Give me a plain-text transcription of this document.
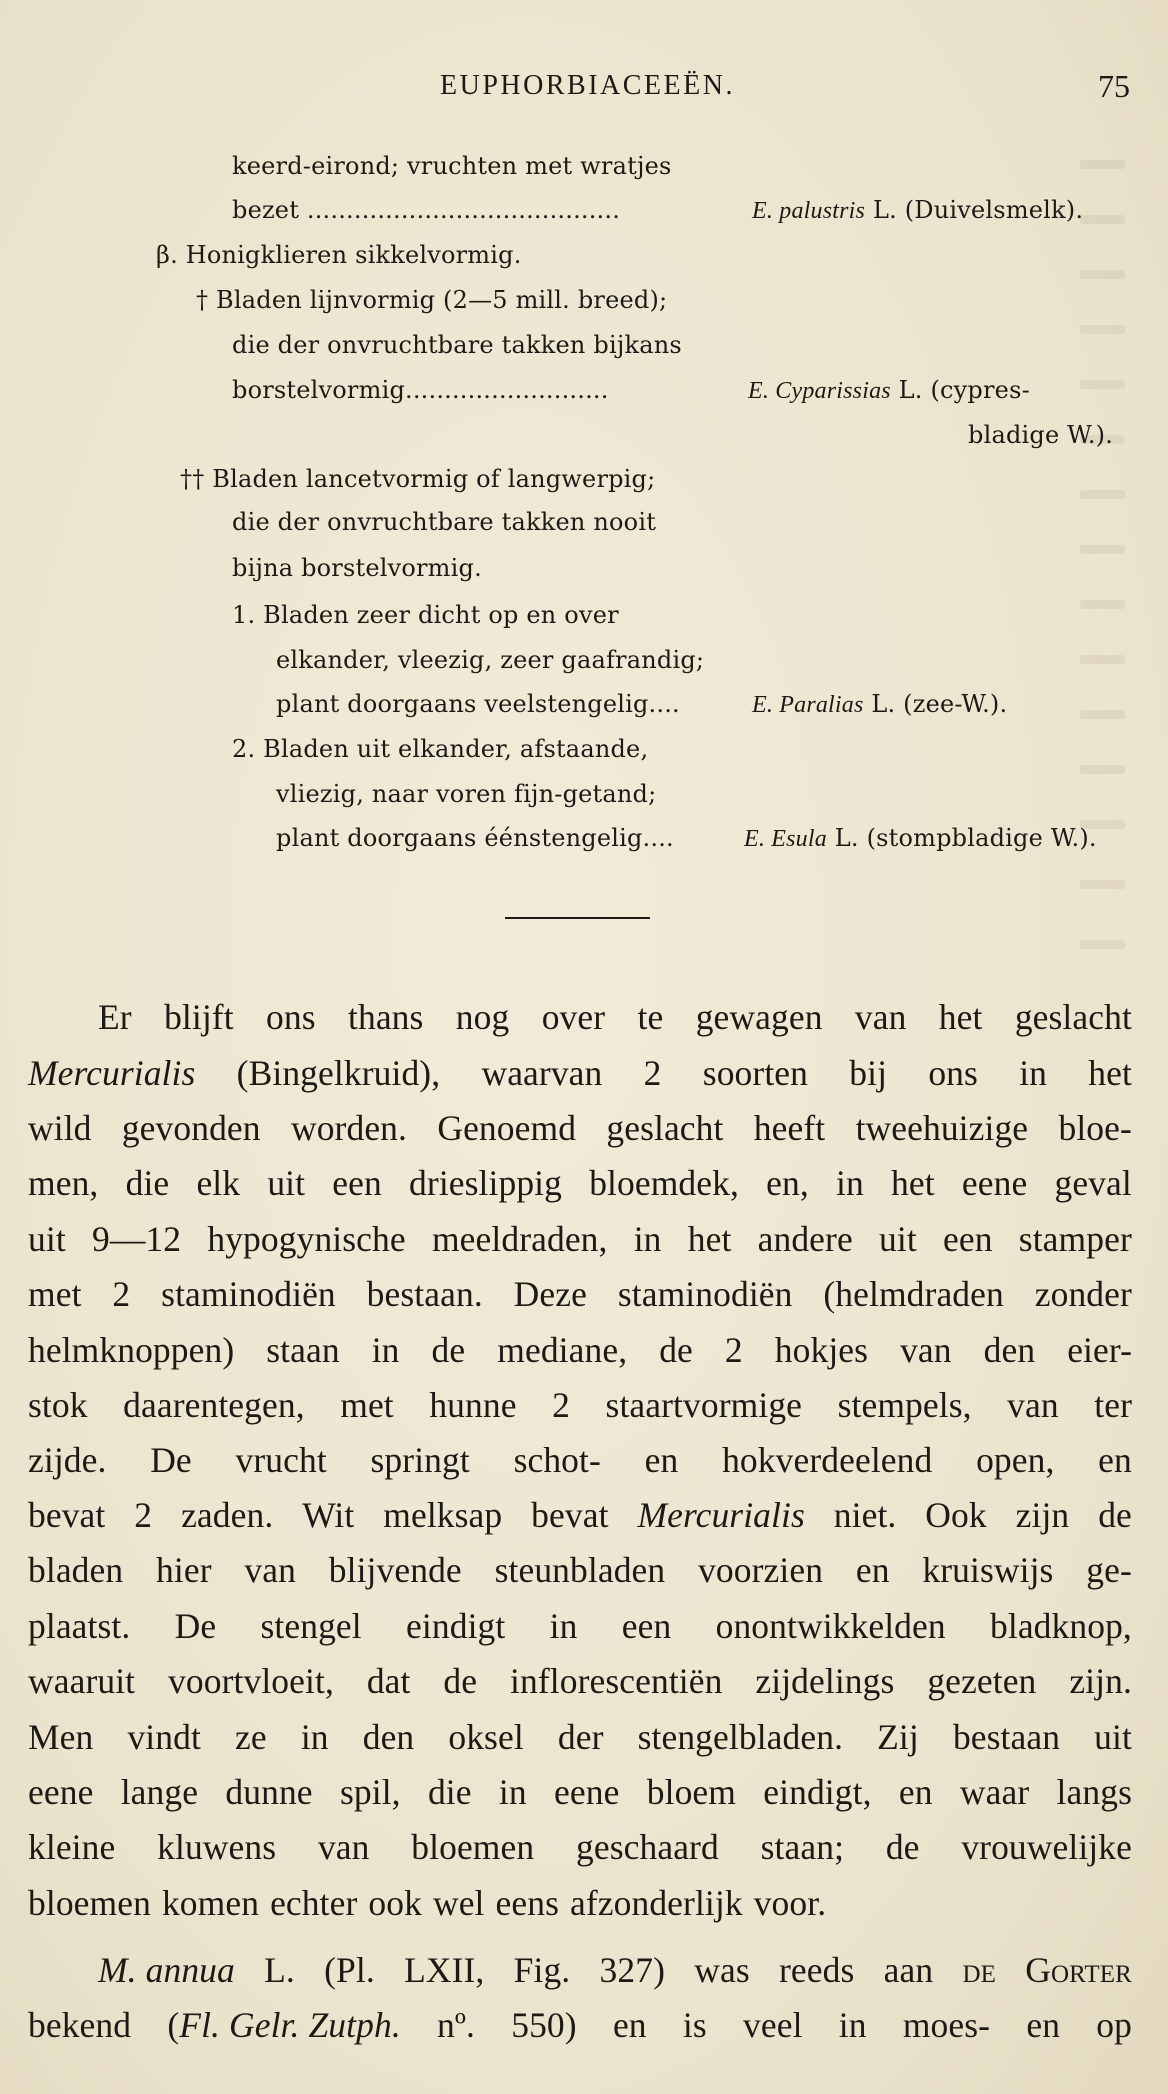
EUPHORBIACEEËN.	75
keerd-eirond; vruchten met wratjes
bezet ........................................	E. palustris L. (Duivelsmelk).
β. Honigklieren sikkelvormig.
† Bladen lijnvormig (2—5 mill. breed);
die der onvruchtbare takken bijkans
borstelvormig..........................	E. Cyparissias L. (cypres-
bladige W.).
†† Bladen lancetvormig of langwerpig;
die der onvruchtbare takken nooit
bijna borstelvormig.
1. Bladen zeer dicht op en over
elkander, vleezig, zeer gaafrandig;
plant doorgaans veelstengelig....	E. Paralias L. (zee-W.).
2. Bladen uit elkander, afstaande,
vliezig, naar voren fijn-getand;
plant doorgaans éénstengelig....	E. Esula L. (stompbladige W.).
Er blijft ons thans nog over te gewagen van het geslacht
Mercurialis (Bingelkruid), waarvan 2 soorten bij ons in het
wild gevonden worden. Genoemd geslacht heeft tweehuizige bloe-
men, die elk uit een drieslippig bloemdek, en, in het eene geval
uit 9—12 hypogynische meeldraden, in het andere uit een stamper
met 2 staminodiën bestaan. Deze staminodiën (helmdraden zonder
helmknoppen) staan in de mediane, de 2 hokjes van den eier-
stok daarentegen, met hunne 2 staartvormige stempels, van ter
zijde. De vrucht springt schot- en hokverdeelend open, en
bevat 2 zaden. Wit melksap bevat Mercurialis niet. Ook zijn de
bladen hier van blijvende steunbladen voorzien en kruiswijs ge-
plaatst. De stengel eindigt in een onontwikkelden bladknop,
waaruit voortvloeit, dat de inflorescentiën zijdelings gezeten zijn.
Men vindt ze in den oksel der stengelbladen. Zij bestaan uit
eene lange dunne spil, die in eene bloem eindigt, en waar langs
kleine kluwens van bloemen geschaard staan; de vrouwelijke
bloemen komen echter ook wel eens afzonderlijk voor.
M. annua L. (Pl. LXII, Fig. 327) was reeds aan de Gorter
bekend (Fl. Gelr. Zutph. nº. 550) en is veel in moes- en op
